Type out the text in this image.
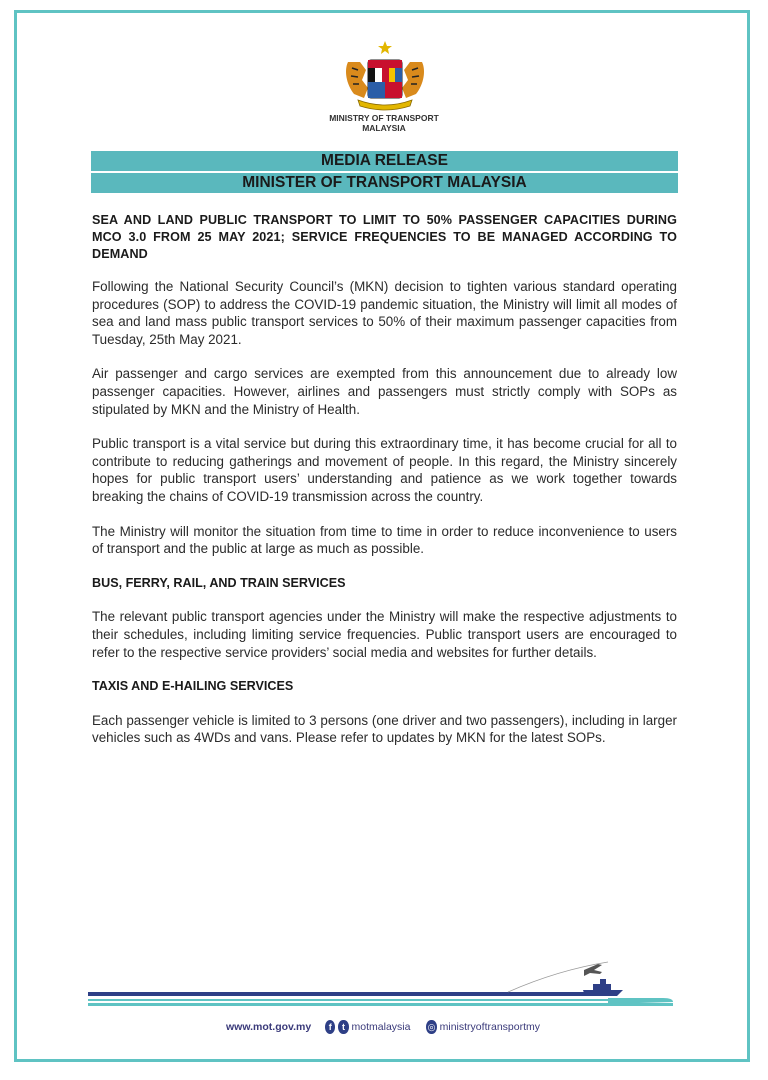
MINISTRY OF TRANSPORT
MALAYSIA
MEDIA RELEASE
MINISTER OF TRANSPORT MALAYSIA

SEA AND LAND PUBLIC TRANSPORT TO LIMIT TO 50% PASSENGER CAPACITIES DURING MCO 3.0 FROM 25 MAY 2021; SERVICE FREQUENCIES TO BE MANAGED ACCORDING TO DEMAND

Following the National Security Council’s (MKN) decision to tighten various standard operating procedures (SOP) to address the COVID-19 pandemic situation, the Ministry will limit all modes of sea and land mass public transport services to 50% of their maximum passenger capacities from Tuesday, 25th May 2021.

Air passenger and cargo services are exempted from this announcement due to already low passenger capacities. However, airlines and passengers must strictly comply with SOPs as stipulated by MKN and the Ministry of Health.

Public transport is a vital service but during this extraordinary time, it has become crucial for all to contribute to reducing gatherings and movement of people. In this regard, the Ministry sincerely hopes for public transport users’ understanding and patience as we work together towards breaking the chains of COVID-19 transmission across the country.

The Ministry will monitor the situation from time to time in order to reduce inconvenience to users of transport and the public at large as much as possible.

BUS, FERRY, RAIL, AND TRAIN SERVICES

The relevant public transport agencies under the Ministry will make the respective adjustments to their schedules, including limiting service frequencies. Public transport users are encouraged to refer to the respective service providers’ social media and websites for further details.

TAXIS AND E-HAILING SERVICES

Each passenger vehicle is limited to 3 persons (one driver and two passengers), including in larger vehicles such as 4WDs and vans. Please refer to updates by MKN for the latest SOPs.

www.mot.gov.my	f	t motmalaysia ◎ ministryoftransportmy
